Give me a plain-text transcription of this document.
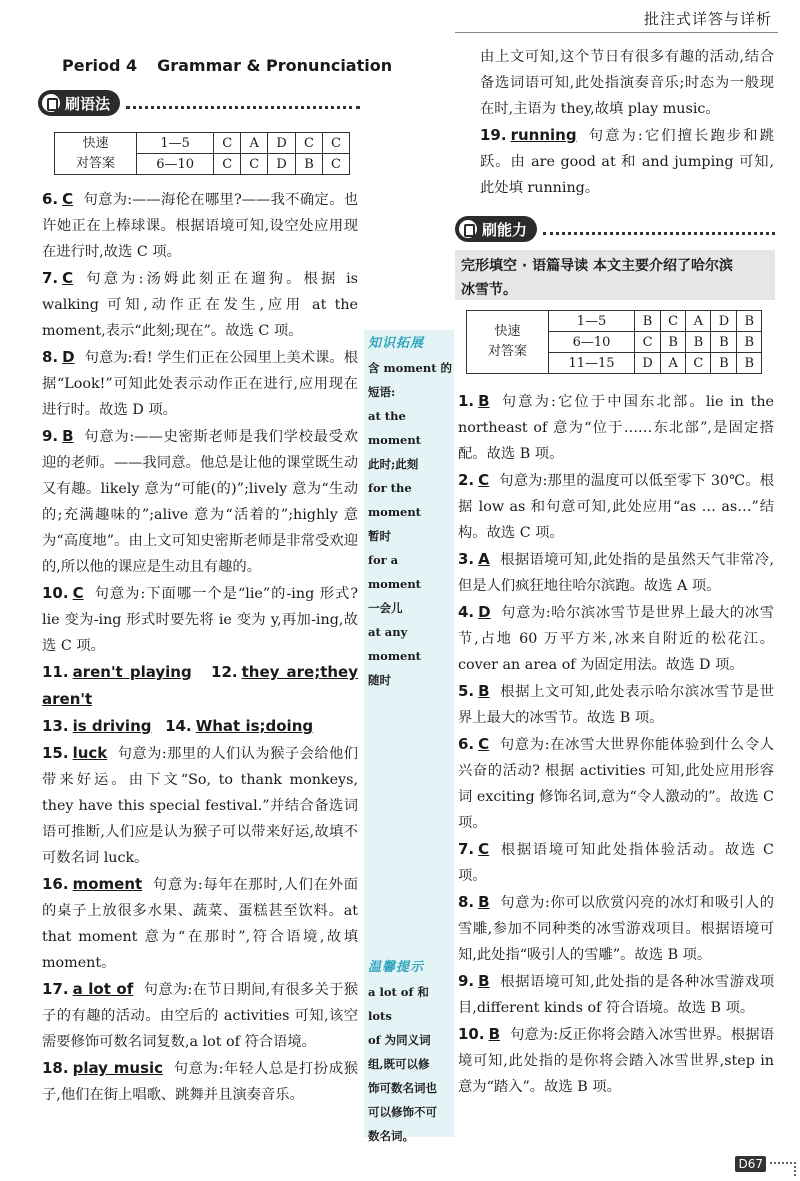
批注式详答与详析
Period 4 Grammar & Pronunciation
刷语法
快速
对答案	1—5	C	A	D	C	C
	6—10	C	C	D	B	C
6. C 句意为:——海伦在哪里?——我不确定。也许她正在上棒球课。根据语境可知,设空处应用现在进行时,故选 C 项。
7. C 句意为:汤姆此刻正在遛狗。根据 is walking 可知,动作正在发生,应用 at the moment,表示“此刻;现在”。故选 C 项。
8. D 句意为:看! 学生们正在公园里上美术课。根据“Look!”可知此处表示动作正在进行,应用现在进行时。故选 D 项。
9. B 句意为:——史密斯老师是我们学校最受欢迎的老师。——我同意。他总是让他的课堂既生动又有趣。likely 意为“可能(的)”;lively 意为“生动的;充满趣味的”;alive 意为“活着的”;highly 意为“高度地”。由上文可知史密斯老师是非常受欢迎的,所以他的课应是生动且有趣的。
10. C 句意为:下面哪一个是“lie”的-ing 形式? lie 变为-ing 形式时要先将 ie 变为 y,再加-ing,故选 C 项。
11. aren't playing 12. they are;they aren't
13. is driving 14. What is;doing
15. luck 句意为:那里的人们认为猴子会给他们带来好运。由下文“So, to thank monkeys, they have this special festival.”并结合备选词语可推断,人们应是认为猴子可以带来好运,故填不可数名词 luck。
16. moment 句意为:每年在那时,人们在外面的桌子上放很多水果、蔬菜、蛋糕甚至饮料。at that moment 意为“在那时”,符合语境,故填 moment。
17. a lot of 句意为:在节日期间,有很多关于猴子的有趣的活动。由空后的 activities 可知,该空需要修饰可数名词复数,a lot of 符合语境。
18. play music 句意为:年轻人总是打扮成猴子,他们在街上唱歌、跳舞并且演奏音乐。
知识拓展
含 moment 的
短语:
at the moment
此时;此刻
for the moment
暂时
for a moment
一会儿
at any moment
随时
温馨提示
a lot of 和 lots
of 为同义词
组,既可以修
饰可数名词也
可以修饰不可
数名词。
由上文可知,这个节日有很多有趣的活动,结合备选词语可知,此处指演奏音乐;时态为一般现在时,主语为 they,故填 play music。
19. running 句意为:它们擅长跑步和跳跃。由 are good at 和 and jumping 可知,此处填 running。
刷能力
完形填空 · 语篇导读 本文主要介绍了哈尔滨
冰雪节。
快速
对答案	1—5	B	C	A	D	B
	6—10	C	B	B	B	B
	11—15	D	A	C	B	B
1. B 句意为:它位于中国东北部。lie in the northeast of 意为“位于……东北部”,是固定搭配。故选 B 项。
2. C 句意为:那里的温度可以低至零下 30℃。根据 low as 和句意可知,此处应用“as … as…”结构。故选 C 项。
3. A 根据语境可知,此处指的是虽然天气非常冷,但是人们疯狂地往哈尔滨跑。故选 A 项。
4. D 句意为:哈尔滨冰雪节是世界上最大的冰雪节,占地 60 万平方米,冰来自附近的松花江。cover an area of 为固定用法。故选 D 项。
5. B 根据上文可知,此处表示哈尔滨冰雪节是世界上最大的冰雪节。故选 B 项。
6. C 句意为:在冰雪大世界你能体验到什么令人兴奋的活动? 根据 activities 可知,此处应用形容词 exciting 修饰名词,意为“令人激动的”。故选 C 项。
7. C 根据语境可知此处指体验活动。故选 C 项。
8. B 句意为:你可以欣赏闪亮的冰灯和吸引人的雪雕,参加不同种类的冰雪游戏项目。根据语境可知,此处指“吸引人的雪雕”。故选 B 项。
9. B 根据语境可知,此处指的是各种冰雪游戏项目,different kinds of 符合语境。故选 B 项。
10. B 句意为:反正你将会踏入冰雪世界。根据语境可知,此处指的是你将会踏入冰雪世界,step in 意为“踏入”。故选 B 项。
D67
